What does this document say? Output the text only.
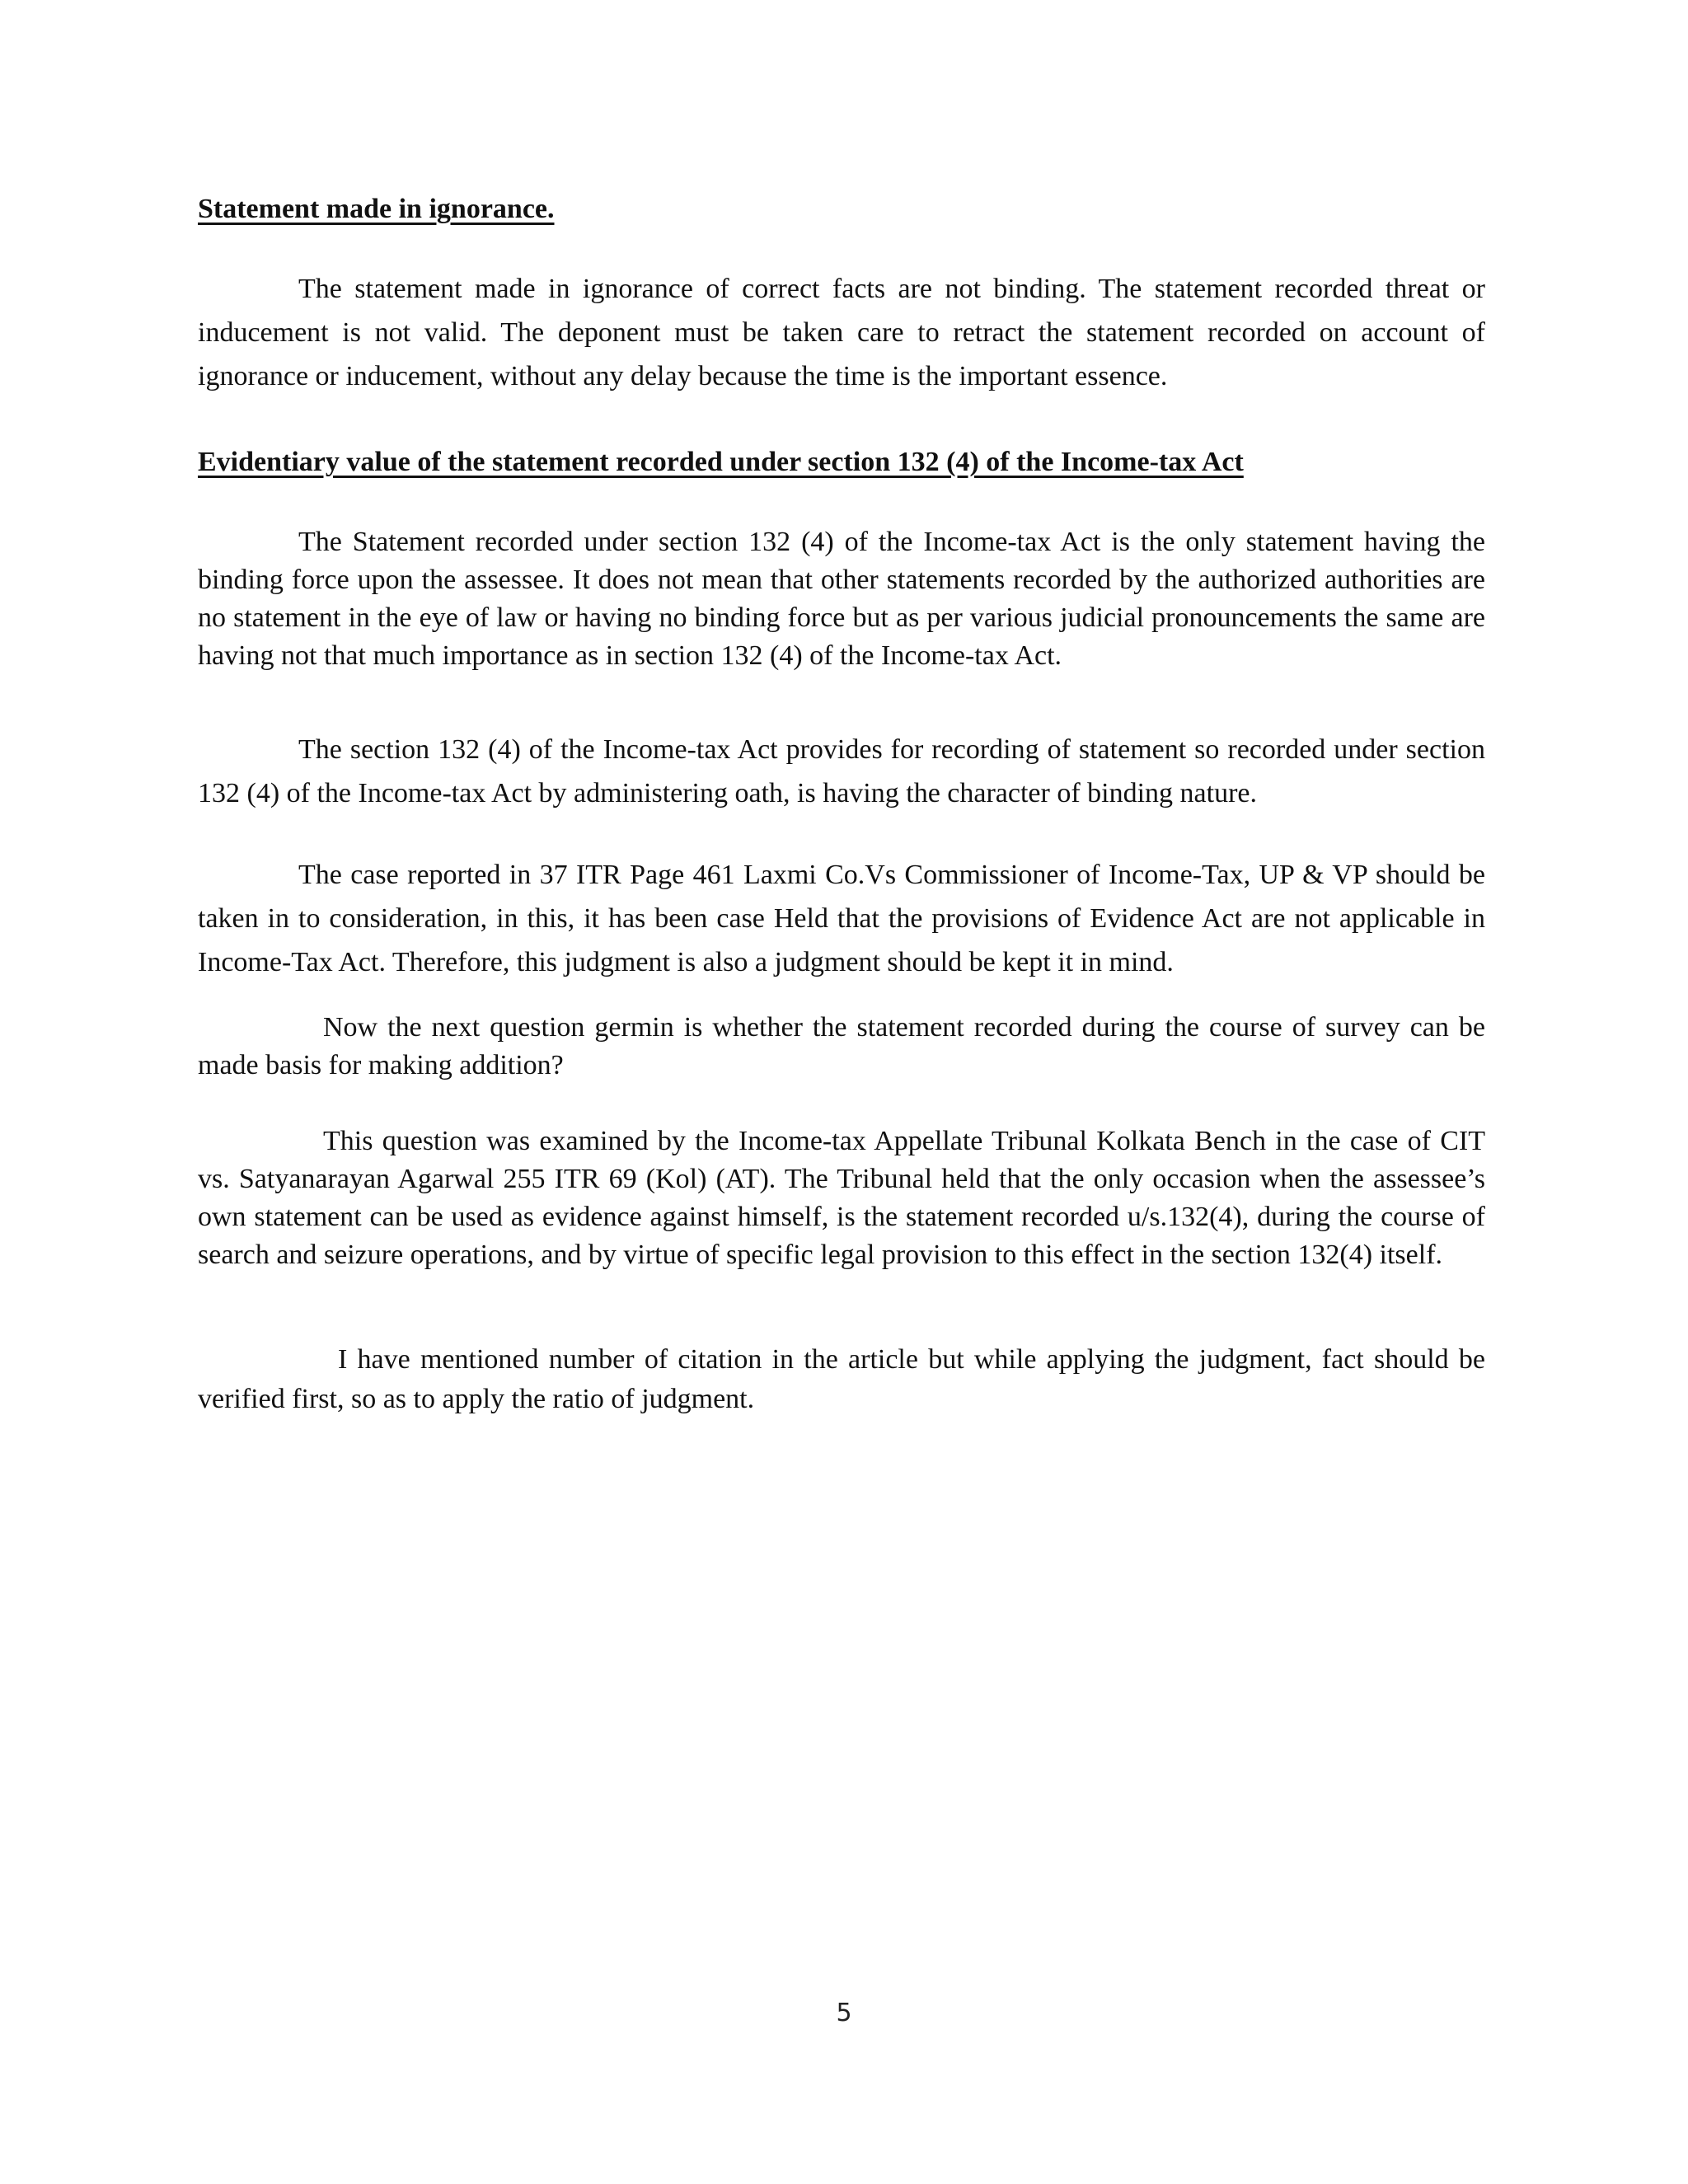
Statement made in ignorance.

The statement made in ignorance of correct facts are not binding. The statement recorded threat or inducement is not valid. The deponent must be taken care to retract the statement recorded on account of ignorance or inducement, without any delay because the time is the important essence.

Evidentiary value of the statement recorded under section 132 (4) of the Income-tax Act

The Statement recorded under section 132 (4) of the Income-tax Act is the only statement having the binding force upon the assessee. It does not mean that other statements recorded by the authorized authorities are no statement in the eye of law or having no binding force but as per various judicial pronouncements the same are having not that much importance as in section 132 (4) of the Income-tax Act.

The section 132 (4) of the Income-tax Act provides for recording of statement so recorded under section 132 (4) of the Income-tax Act by administering oath, is having the character of binding nature.

The case reported in 37 ITR Page 461 Laxmi Co.Vs Commissioner of Income-Tax, UP & VP should be taken in to consideration, in this, it has been case Held that the provisions of Evidence Act are not applicable in Income-Tax Act. Therefore, this judgment is also a judgment should be kept it in mind.

Now the next question germin is whether the statement recorded during the course of survey can be made basis for making addition?

This question was examined by the Income-tax Appellate Tribunal Kolkata Bench in the case of CIT vs. Satyanarayan Agarwal 255 ITR 69 (Kol) (AT). The Tribunal held that the only occasion when the assessee’s own statement can be used as evidence against himself, is the statement recorded u/s.132(4), during the course of search and seizure operations, and by virtue of specific legal provision to this effect in the section 132(4) itself.

I have mentioned number of citation in the article but while applying the judgment, fact should be verified first, so as to apply the ratio of judgment.

5
